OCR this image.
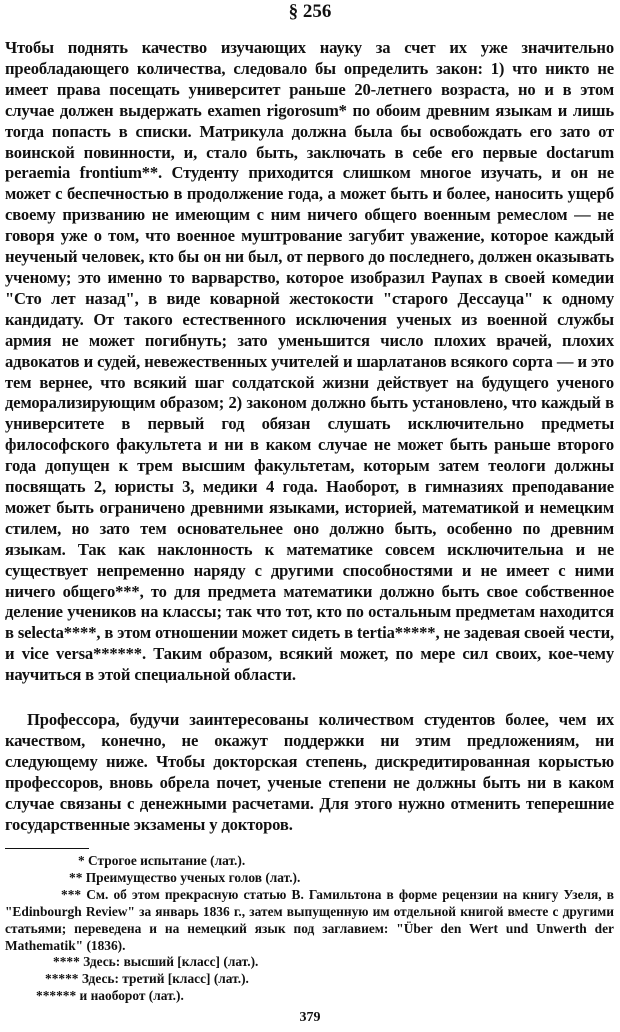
§ 256

Чтобы поднять качество изучающих науку за счет их уже значительно преобладающего количества, следовало бы определить закон: 1) что никто не имеет права посещать университет раньше 20-летнего возраста, но и в этом случае должен выдержать examen rigorosum* по обоим древним языкам и лишь тогда попасть в списки. Матрикула должна была бы освобождать его зато от воинской повинности, и, стало быть, заключать в себе его первые doctarum peraemia frontium**. Студенту приходится слишком многое изучать, и он не может с беспечностью в продолжение года, а может быть и более, наносить ущерб своему призванию не имеющим с ним ничего общего военным ремеслом — не говоря уже о том, что военное муштрование загубит уважение, которое каждый неученый человек, кто бы он ни был, от первого до последнего, должен оказывать ученому; это именно то варварство, которое изобразил Раупах в своей комедии "Сто лет назад", в виде коварной жестокости "старого Дессауца" к одному кандидату. От такого естественного исключения ученых из военной службы армия не может погибнуть; зато уменьшится число плохих врачей, плохих адвокатов и судей, невежественных учителей и шарлатанов всякого сорта — и это тем вернее, что всякий шаг солдатской жизни действует на будущего ученого деморализирующим образом; 2) законом должно быть установлено, что каждый в университете в первый год обязан слушать исключительно предметы философского факультета и ни в каком случае не может быть раньше второго года допущен к трем высшим факультетам, которым затем теологи должны посвящать 2, юристы 3, медики 4 года. Наоборот, в гимназиях преподавание может быть ограничено древними языками, историей, математикой и немецким стилем, но зато тем основательнее оно должно быть, особенно по древним языкам. Так как наклонность к математике совсем исключительна и не существует непременно наряду с другими способностями и не имеет с ними ничего общего***, то для предмета математики должно быть свое собственное деление учеников на классы; так что тот, кто по остальным предметам находится в selecta****, в этом отношении может сидеть в tertia*****, не задевая своей чести, и vice versa******. Таким образом, всякий может, по мере сил своих, кое-чему научиться в этой специальной области.

Профессора, будучи заинтересованы количеством студентов более, чем их качеством, конечно, не окажут поддержки ни этим предложениям, ни следующему ниже. Чтобы докторская степень, дискредитированная корыстью профессоров, вновь обрела почет, ученые степени не должны быть ни в каком случае связаны с денежными расчетами. Для этого нужно отменить теперешние государственные экзамены у докторов.

* Строгое испытание (лат.).

** Преимущество ученых голов (лат.).

*** См. об этом прекрасную статью В. Гамильтона в форме рецензии на книгу Узеля, в "Edinbourgh Review" за январь 1836 г., затем выпущенную им отдельной книгой вместе с другими статьями; переведена и на немецкий язык под заглавием: "Über den Wert und Unwerth der Mathematik" (1836).

**** Здесь: высший [класс] (лат.).

***** Здесь: третий [класс] (лат.).

****** и наоборот (лат.).

379
